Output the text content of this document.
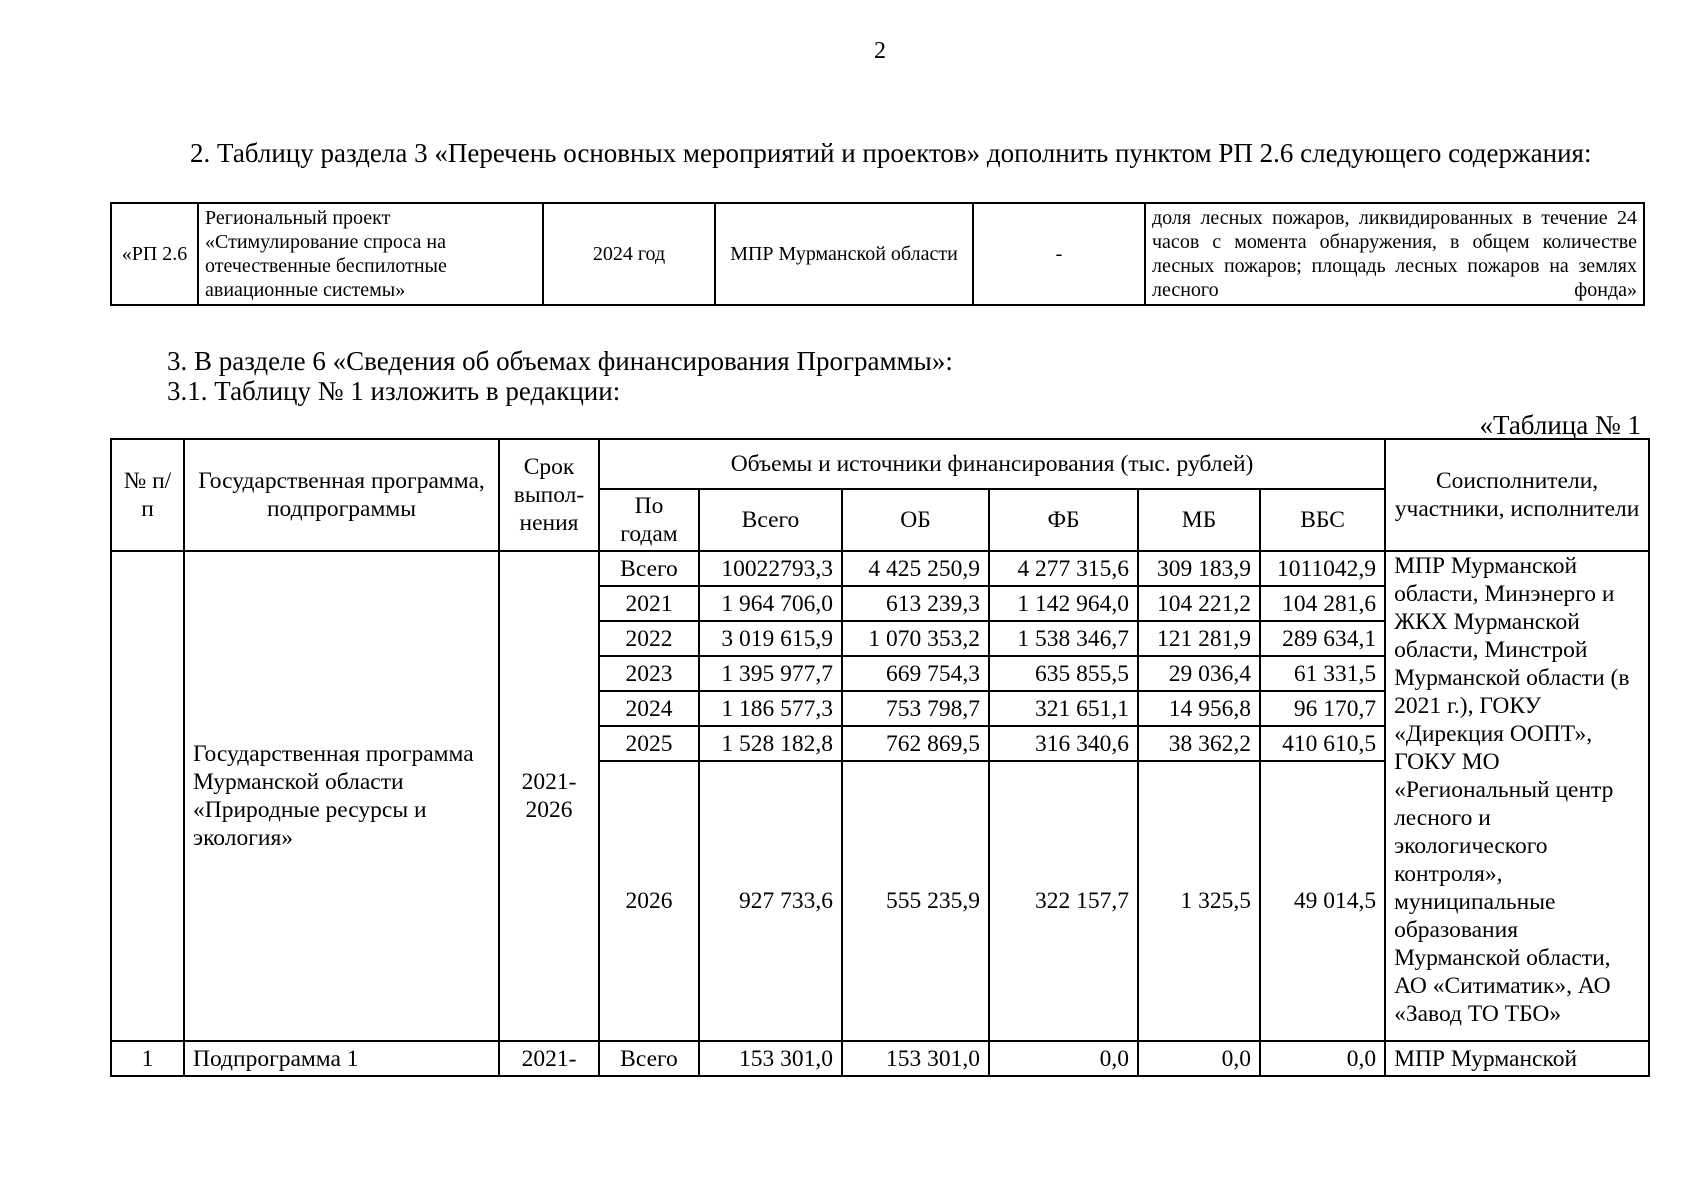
2
2. Таблицу раздела 3 «Перечень основных мероприятий и проектов» дополнить пунктом РП 2.6 следующего содержания:
«РП 2.6	Региональный проект «Стимулирование спроса на отечественные беспилотные авиационные системы»	2024 год	МПР Мурманской области	-	доля лесных пожаров, ликвидированных в течение 24 часов с момента обнаружения, в общем количестве лесных пожаров; площадь лесных пожаров на землях лесного фонда»
3. В разделе 6 «Сведения об объемах финансирования Программы»:
3.1. Таблицу № 1 изложить в редакции:
«Таблица № 1
№ п/п	Государственная программа, подпрограммы	Срок выпол-нения	Объемы и источники финансирования (тыс. рублей)						Соисполнители, участники, исполнители
			По годам	Всего	ОБ	ФБ	МБ	ВБС	
	Государственная программа Мурманской области «Природные ресурсы и экология»	2021-2026	Всего	10022793,3	4 425 250,9	4 277 315,6	309 183,9	1011042,9	МПР Мурманской области, Минэнерго и ЖКХ Мурманской области, Минстрой Мурманской области (в 2021 г.), ГОКУ «Дирекция ООПТ», ГОКУ МО «Региональный центр лесного и экологического контроля», муниципальные образования Мурманской области, АО «Ситиматик», АО «Завод ТО ТБО»
			2021	1 964 706,0	613 239,3	1 142 964,0	104 221,2	104 281,6	
			2022	3 019 615,9	1 070 353,2	1 538 346,7	121 281,9	289 634,1	
			2023	1 395 977,7	669 754,3	635 855,5	29 036,4	61 331,5	
			2024	1 186 577,3	753 798,7	321 651,1	14 956,8	96 170,7	
			2025	1 528 182,8	762 869,5	316 340,6	38 362,2	410 610,5	
			2026	927 733,6	555 235,9	322 157,7	1 325,5	49 014,5	
1	Подпрограмма 1	2021-	Всего	153 301,0	153 301,0	0,0	0,0	0,0	МПР Мурманской
